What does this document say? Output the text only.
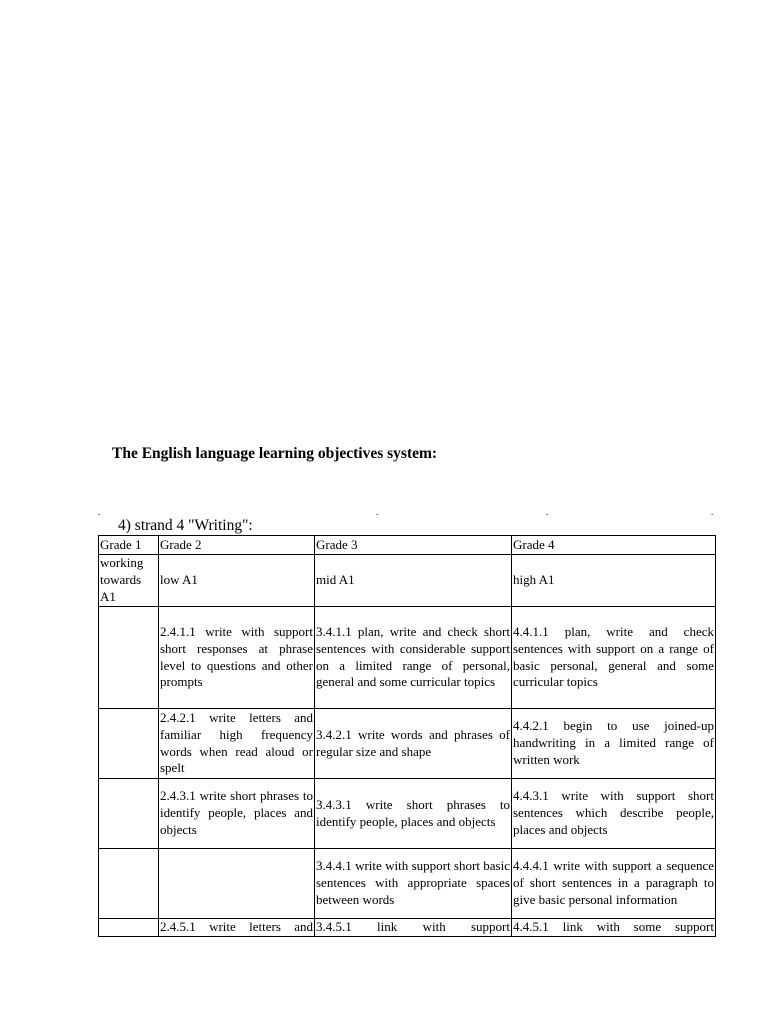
The English language learning objectives system:
.	.	.	.
4) strand 4 "Writing":
Grade 1	Grade 2	Grade 3	Grade 4
working towards A1	low A1	mid A1	high A1
	2.4.1.1 write with support short responses at phrase level to questions and other prompts	3.4.1.1 plan, write and check short sentences with considerable support on a limited range of personal, general and some curricular topics	4.4.1.1 plan, write and check sentences with support on a range of basic personal, general and some curricular topics
	2.4.2.1 write letters and familiar high frequency words when read aloud or spelt	3.4.2.1 write words and phrases of regular size and shape	4.4.2.1 begin to use joined-up handwriting in a limited range of written work
	2.4.3.1 write short phrases to identify people, places and objects	3.4.3.1 write short phrases to identify people, places and objects	4.4.3.1 write with support short sentences which describe people, places and objects
		3.4.4.1 write with support short basic sentences with appropriate spaces between words	4.4.4.1 write with support a sequence of short sentences in a paragraph to give basic personal information
	2.4.5.1 write letters and	3.4.5.1 link with support	4.4.5.1 link with some support
